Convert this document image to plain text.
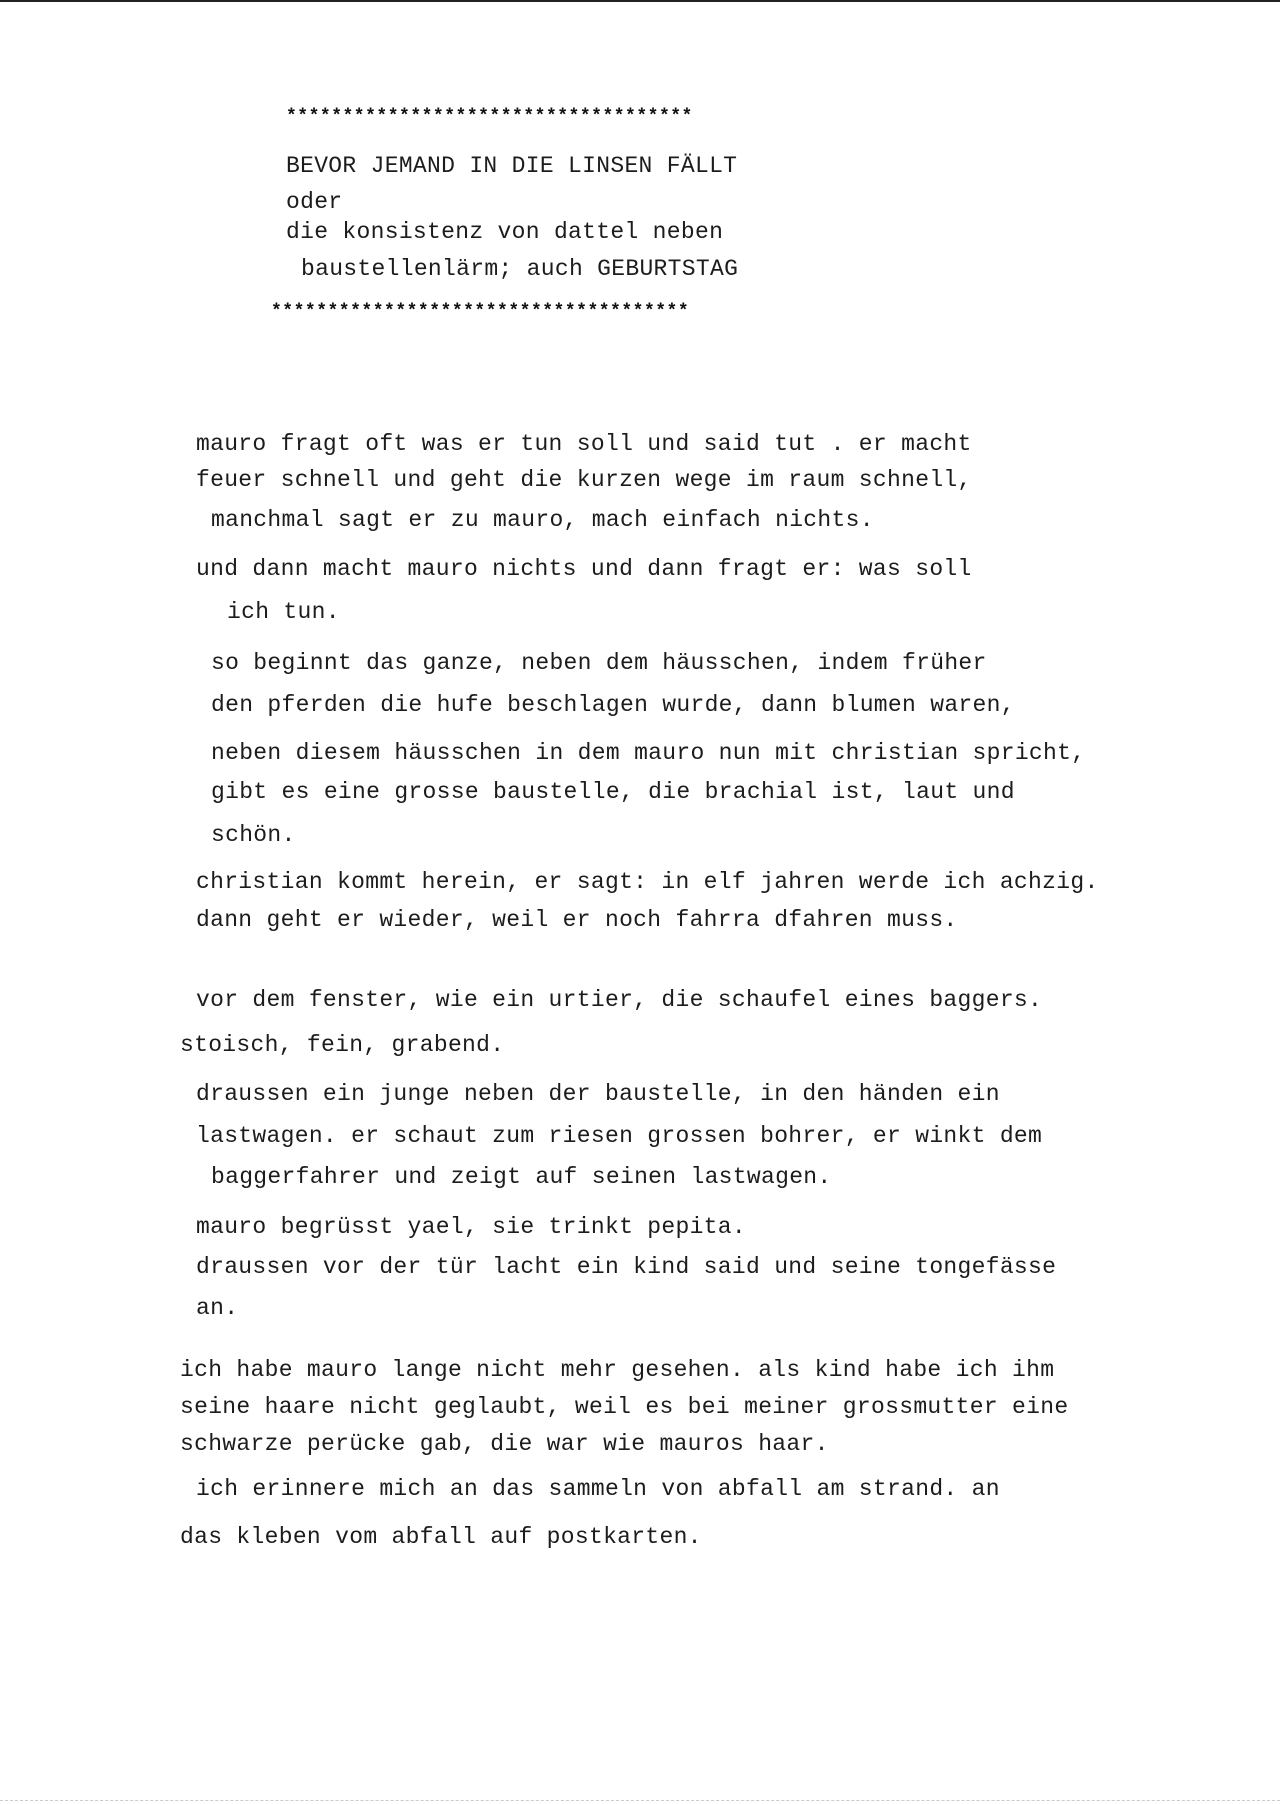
************************************
BEVOR JEMAND IN DIE LINSEN FÄLLT
oder
die konsistenz von dattel neben
baustellenlärm; auch GEBURTSTAG
*************************************
mauro fragt oft was er tun soll und said tut . er macht
feuer schnell und geht die kurzen wege im raum schnell,
manchmal sagt er zu mauro, mach einfach nichts.
und dann macht mauro nichts und dann fragt er: was soll
ich tun.
so beginnt das ganze, neben dem häusschen, indem früher
den pferden die hufe beschlagen wurde, dann blumen waren,
neben diesem häusschen in dem mauro nun mit christian spricht,
gibt es eine grosse baustelle, die brachial ist, laut und
schön.
christian kommt herein, er sagt: in elf jahren werde ich achzig.
dann geht er wieder, weil er noch fahrra dfahren muss.
vor dem fenster, wie ein urtier, die schaufel eines baggers.
stoisch, fein, grabend.
draussen ein junge neben der baustelle, in den händen ein
lastwagen. er schaut zum riesen grossen bohrer, er winkt dem
baggerfahrer und zeigt auf seinen lastwagen.
mauro begrüsst yael, sie trinkt pepita.
draussen vor der tür lacht ein kind said und seine tongefässe
an.
ich habe mauro lange nicht mehr gesehen. als kind habe ich ihm
seine haare nicht geglaubt, weil es bei meiner grossmutter eine
schwarze perücke gab, die war wie mauros haar.
ich erinnere mich an das sammeln von abfall am strand. an
das kleben vom abfall auf postkarten.
